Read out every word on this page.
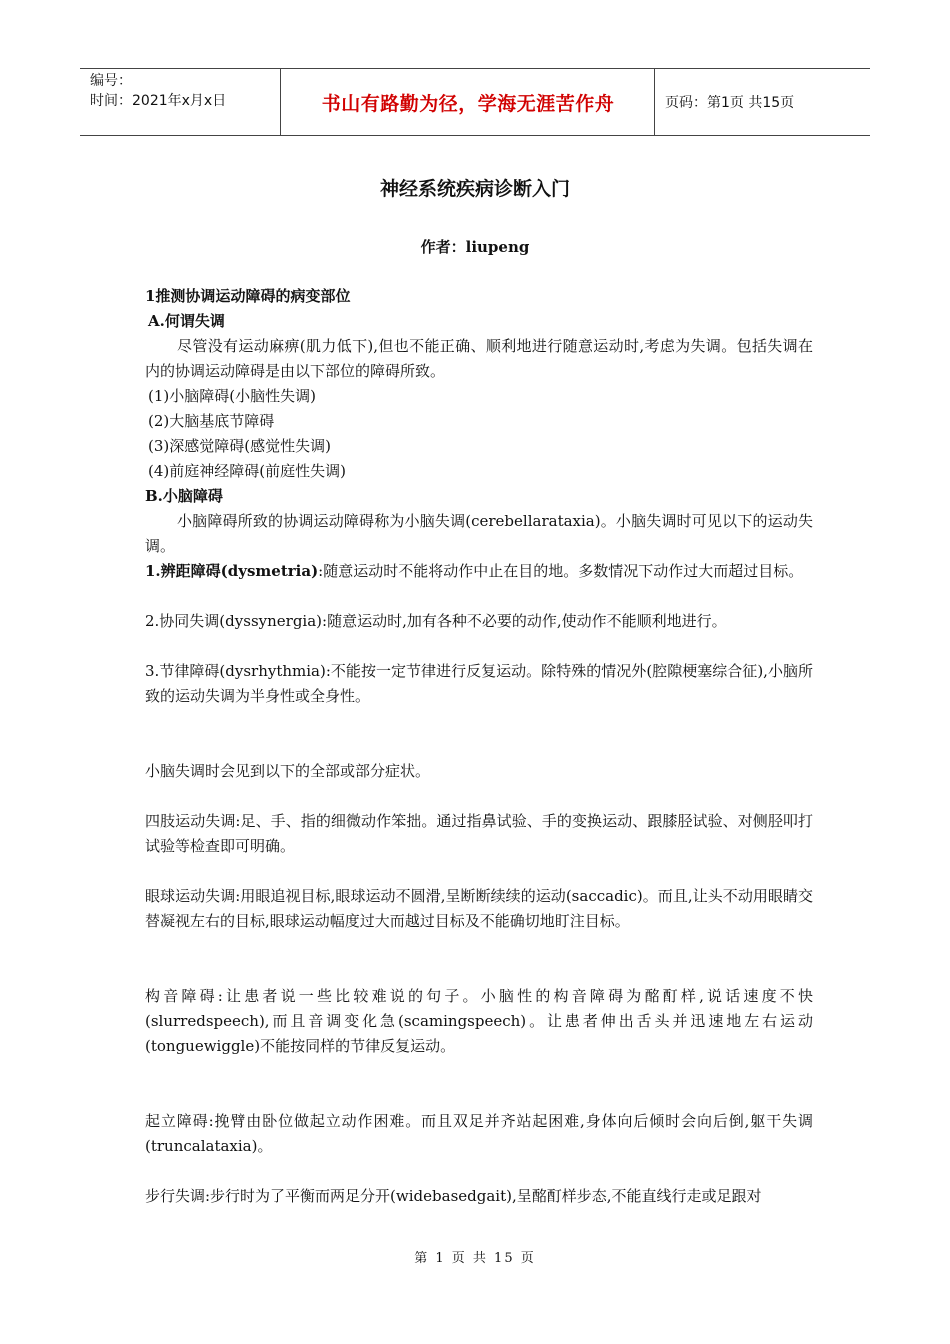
编号：
时间：2021年x月x日	书山有路勤为径，学海无涯苦作舟	页码：第1页 共15页
神经系统疾病诊断入门
作者：liupeng

1推测协调运动障碍的病变部位

A.何谓失调

尽管没有运动麻痹(肌力低下),但也不能正确、顺利地进行随意运动时,考虑为失调。包括失调在内的协调运动障碍是由以下部位的障碍所致。

(1)小脑障碍(小脑性失调)

(2)大脑基底节障碍

(3)深感觉障碍(感觉性失调)

(4)前庭神经障碍(前庭性失调)

B.小脑障碍

小脑障碍所致的协调运动障碍称为小脑失调(cerebellarataxia)。小脑失调时可见以下的运动失调。

1.辨距障碍(dysmetria):随意运动时不能将动作中止在目的地。多数情况下动作过大而超过目标。

2.协同失调(dyssynergia):随意运动时,加有各种不必要的动作,使动作不能顺利地进行。

3.节律障碍(dysrhythmia):不能按一定节律进行反复运动。除特殊的情况外(腔隙梗塞综合征),小脑所致的运动失调为半身性或全身性。

小脑失调时会见到以下的全部或部分症状。

四肢运动失调:足、手、指的细微动作笨拙。通过指鼻试验、手的变换运动、跟膝胫试验、对侧胫叩打试验等检查即可明确。

眼球运动失调:用眼追视目标,眼球运动不圆滑,呈断断续续的运动(saccadic)。而且,让头不动用眼睛交替凝视左右的目标,眼球运动幅度过大而越过目标及不能确切地盯注目标。

构音障碍:让患者说一些比较难说的句子。小脑性的构音障碍为酩酊样,说话速度不快(slurredspeech),而且音调变化急(scamingspeech)。让患者伸出舌头并迅速地左右运动(tonguewiggle)不能按同样的节律反复运动。

起立障碍:挽臂由卧位做起立动作困难。而且双足并齐站起困难,身体向后倾时会向后倒,躯干失调(truncalataxia)。

步行失调:步行时为了平衡而两足分开(widebasedgait),呈酩酊样步态,不能直线行走或足跟对

第 1 页 共 15 页
